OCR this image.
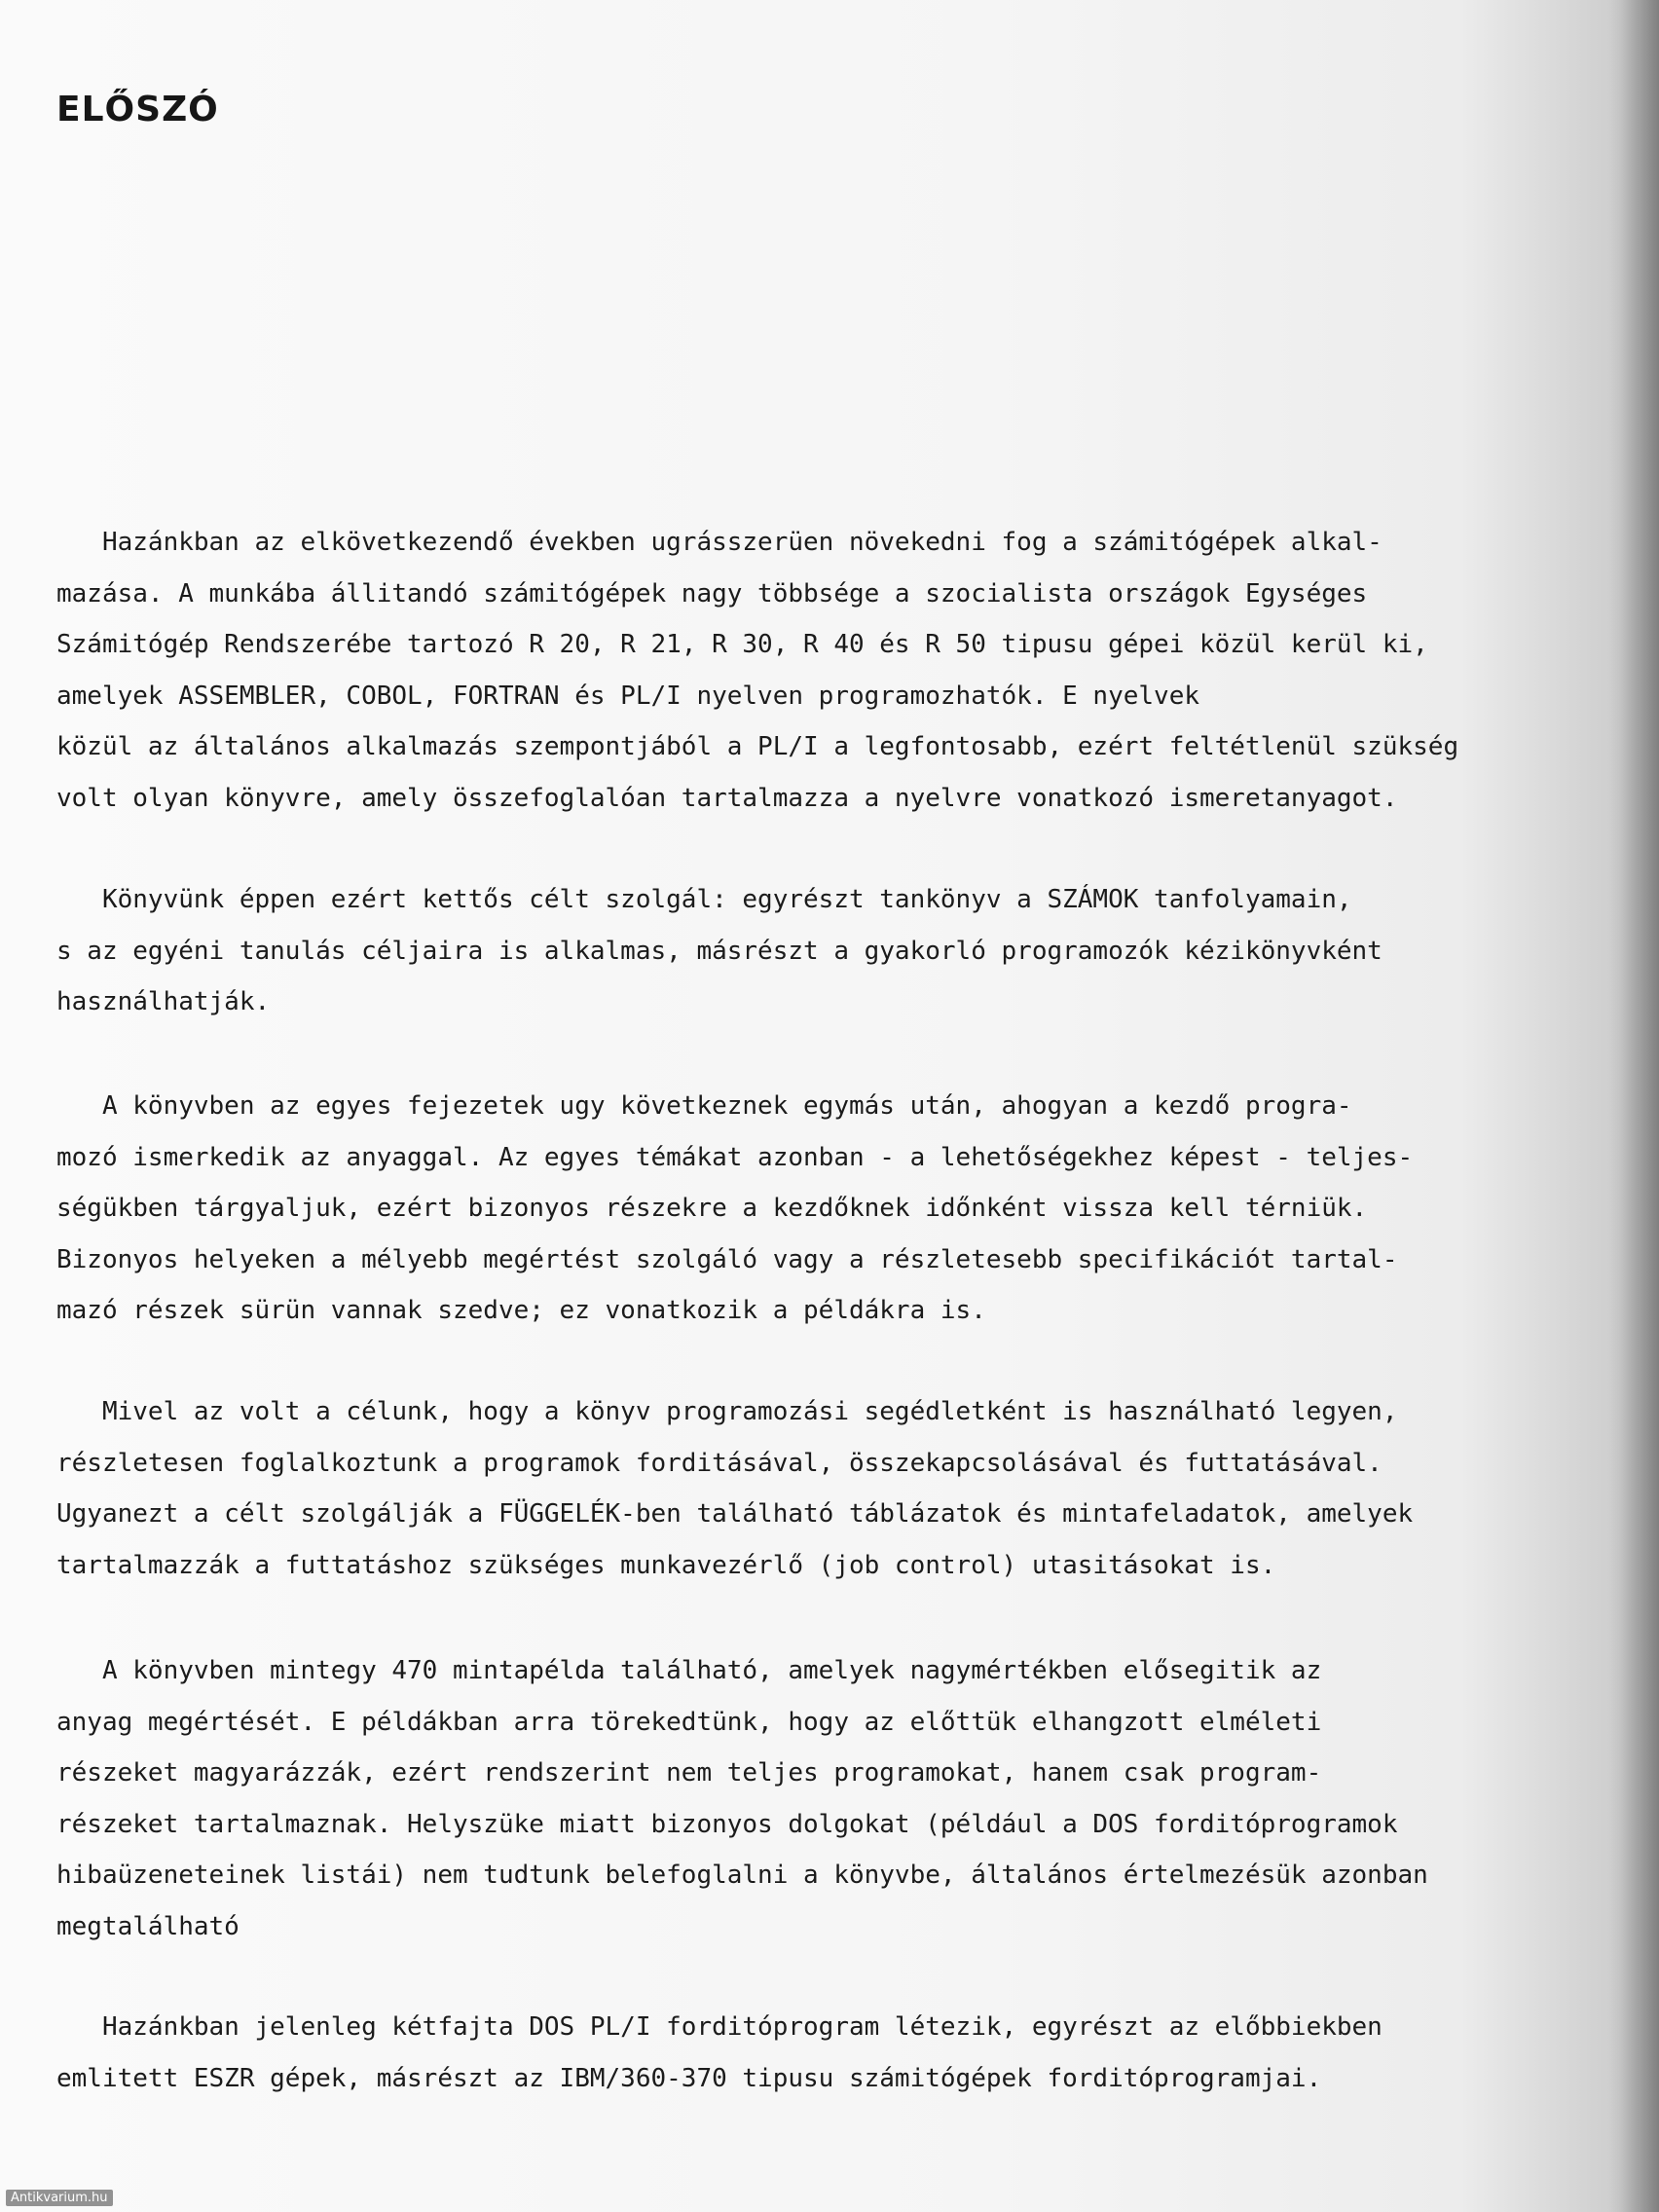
ELŐSZÓ

Hazánkban az elkövetkezendő években ugrásszerüen növekedni fog a számitógépek alkal-
mazása. A munkába állitandó számitógépek nagy többsége a szocialista országok Egységes
Számitógép Rendszerébe tartozó R 20, R 21, R 30, R 40 és R 50 tipusu gépei közül kerül ki,
amelyek ASSEMBLER, COBOL, FORTRAN és PL/I nyelven programozhatók. E nyelvek
közül az általános alkalmazás szempontjából a PL/I a legfontosabb, ezért feltétlenül szükség
volt olyan könyvre, amely összefoglalóan tartalmazza a nyelvre vonatkozó ismeretanyagot.

Könyvünk éppen ezért kettős célt szolgál: egyrészt tankönyv a SZÁMOK tanfolyamain,
s az egyéni tanulás céljaira is alkalmas, másrészt a gyakorló programozók kézikönyvként
használhatják.

A könyvben az egyes fejezetek ugy következnek egymás után, ahogyan a kezdő progra-
mozó ismerkedik az anyaggal. Az egyes témákat azonban - a lehetőségekhez képest - teljes-
ségükben tárgyaljuk, ezért bizonyos részekre a kezdőknek időnként vissza kell térniük.
Bizonyos helyeken a mélyebb megértést szolgáló vagy a részletesebb specifikációt tartal-
mazó részek sürün vannak szedve; ez vonatkozik a példákra is.

Mivel az volt a célunk, hogy a könyv programozási segédletként is használható legyen,
részletesen foglalkoztunk a programok forditásával, összekapcsolásával és futtatásával.
Ugyanezt a célt szolgálják a FÜGGELÉK-ben található táblázatok és mintafeladatok, amelyek
tartalmazzák a futtatáshoz szükséges munkavezérlő (job control) utasitásokat is.

A könyvben mintegy 470 mintapélda található, amelyek nagymértékben elősegitik az
anyag megértését. E példákban arra törekedtünk, hogy az előttük elhangzott elméleti
részeket magyarázzák, ezért rendszerint nem teljes programokat, hanem csak program-
részeket tartalmaznak. Helyszüke miatt bizonyos dolgokat (például a DOS forditóprogramok
hibaüzeneteinek listái) nem tudtunk belefoglalni a könyvbe, általános értelmezésük azonban
megtalálható

Hazánkban jelenleg kétfajta DOS PL/I forditóprogram létezik, egyrészt az előbbiekben
emlitett ESZR gépek, másrészt az IBM/360-370 tipusu számitógépek forditóprogramjai.

Antikvarium.hu
